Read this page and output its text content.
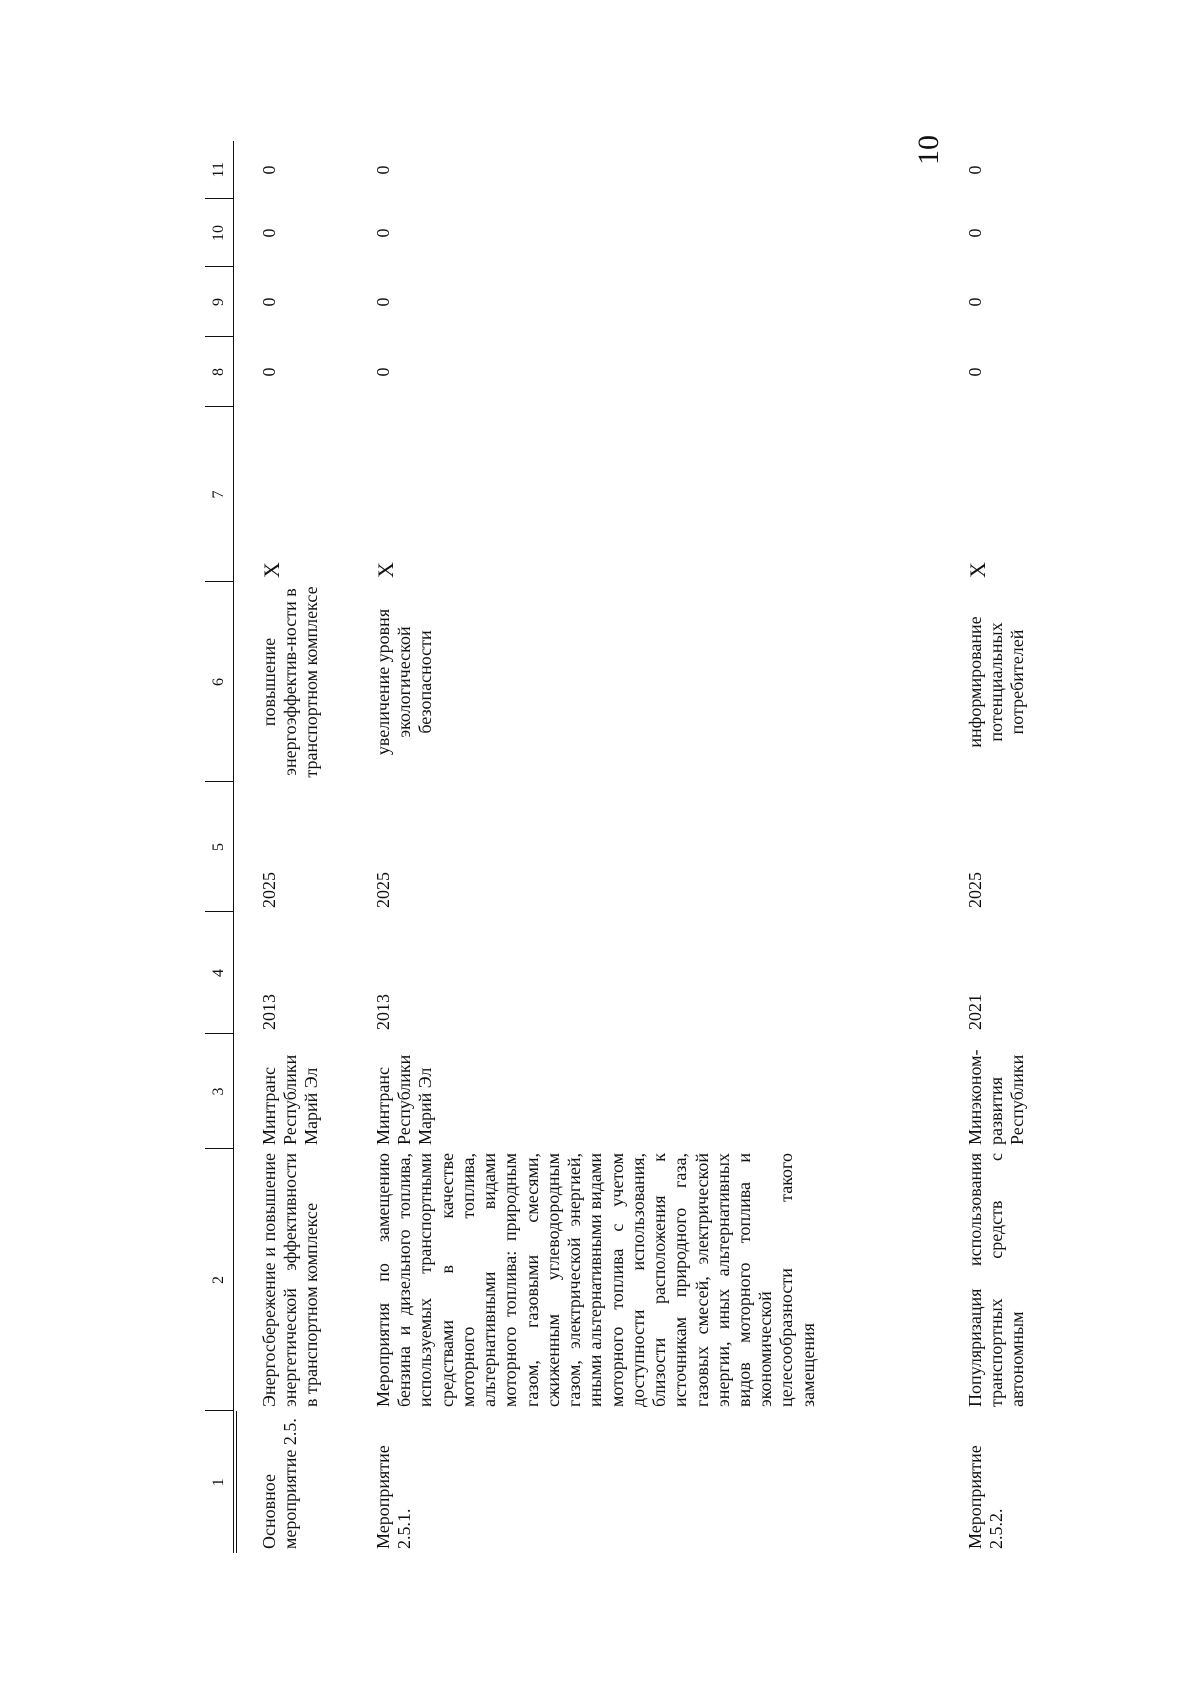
10
1	2	3	4	5	6	7	8	9	10	11

Основное мероприятие 2.5.	Энергосбережение и повышение энергетической эффективности в транспортном комплексе	Минтранс Республики Марий Эл	2013	2025	повышение энергоэффектив-ности в транспортном комплексе	X	0	0	0	0
Мероприятие 2.5.1.	Мероприятия по замещению бензина и дизельного топлива, используемых транспортными средствами в качестве моторного топлива, альтернативными видами моторного топлива: природным газом, газовыми смесями, сжиженным углеводородным газом, электрической энергией, иными альтернативными видами моторного топлива с учетом доступности использования, близости расположения к источникам природного газа, газовых смесей, электрической энергии, иных альтернативных видов моторного топлива и экономической целесообразности такого замещения	Минтранс Республики Марий Эл	2013	2025	увеличение уровня экологической безопасности	X	0	0	0	0
Мероприятие 2.5.2.	Популяризация использования транспортных средств с автономным	Минэконом-развития Республики	2021	2025	информирование потенциальных потребителей	X	0	0	0	0
